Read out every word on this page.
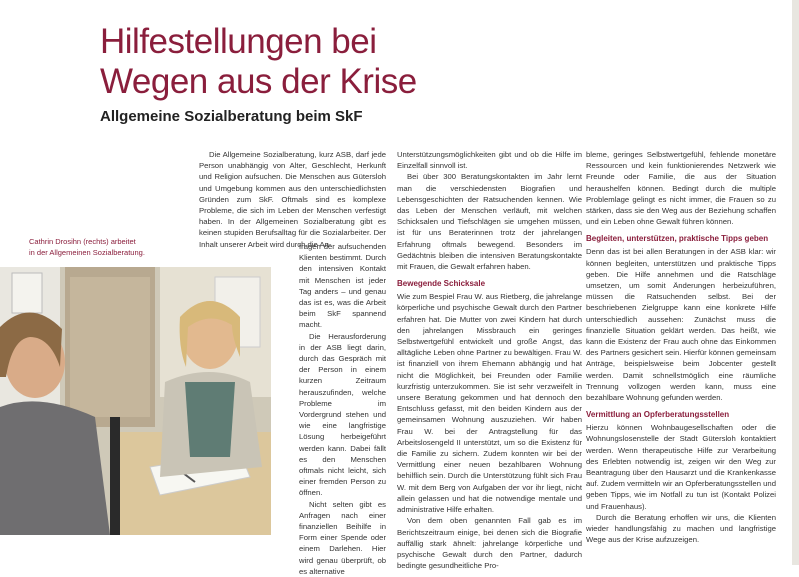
Hilfestellungen bei
Wegen aus der Krise
Allgemeine Sozialberatung beim SkF
Cathrin Drosihn (rechts) arbeitet
in der Allgemeinen Sozialberatung.

Die Allgemeine Sozialberatung, kurz ASB, darf jede Person unabhängig von Alter, Geschlecht, Herkunft und Religion aufsuchen. Die Menschen aus Gütersloh und Umgebung kommen aus den unterschiedlichsten Gründen zum SkF. Oftmals sind es komplexe Probleme, die sich im Leben der Menschen verfestigt haben. In der Allgemeinen Sozialberatung gibt es keinen stupiden Berufsalltag für die Sozialarbeiter. Der Inhalt unserer Arbeit wird durch die An-

fragen der aufsuchenden Klienten bestimmt. Durch den intensiven Kontakt mit Menschen ist jeder Tag anders – und genau das ist es, was die Arbeit beim SkF spannend macht.

Die Herausforderung in der ASB liegt darin, durch das Gespräch mit der Person in einem kurzen Zeitraum herauszufinden, welche Probleme im Vordergrund stehen und wie eine langfristige Lösung herbeigeführt werden kann. Dabei fällt es den Menschen oftmals nicht leicht, sich einer fremden Person zu öffnen.

Nicht selten gibt es Anfragen nach einer finanziellen Beihilfe in Form einer Spende oder einem Darlehen. Hier wird genau überprüft, ob es alternative

Unterstützungsmöglichkeiten gibt und ob die Hilfe im Einzelfall sinnvoll ist.

Bei über 300 Beratungskontakten im Jahr lernt man die verschiedensten Biografien und Lebensgeschichten der Ratsuchenden kennen. Wie das Leben der Menschen verläuft, mit welchen Schicksalen und Tiefschlägen sie umgehen müssen, ist für uns Beraterinnen trotz der jahrelangen Erfahrung oftmals bewegend. Besonders im Gedächtnis bleiben die intensiven Beratungskontakte mit Frauen, die Gewalt erfahren haben.

Bewegende Schicksale

Wie zum Bespiel Frau W. aus Rietberg, die jahrelange körperliche und psychische Gewalt durch den Partner erfahren hat. Die Mutter von zwei Kindern hat durch den jahrelangen Missbrauch ein geringes Selbstwertgefühl entwickelt und große Angst, das alltägliche Leben ohne Partner zu bewältigen. Frau W. ist finanziell von ihrem Ehemann abhängig und hat nicht die Möglichkeit, bei Freunden oder Familie kurzfristig unterzukommen. Sie ist sehr verzweifelt in unsere Beratung gekommen und hat dennoch den Entschluss gefasst, mit den beiden Kindern aus der gemeinsamen Wohnung auszuziehen. Wir haben Frau W. bei der Antragstellung für das Arbeitslosengeld II unterstützt, um so die Existenz für die Familie zu sichern. Zudem konnten wir bei der Vermittlung einer neuen bezahlbaren Wohnung behilflich sein. Durch die Unterstützung fühlt sich Frau W. mit dem Berg von Aufgaben der vor ihr liegt, nicht allein gelassen und hat die notwendige mentale und administrative Hilfe erhalten.

Von dem oben genannten Fall gab es im Berichtszeitraum einige, bei denen sich die Biografie auffällig stark ähnelt: jahrelange körperliche und psychische Gewalt durch den Partner, dadurch bedingte gesundheitliche Pro-

bleme, geringes Selbstwertgefühl, fehlende monetäre Ressourcen und kein funktionierendes Netzwerk wie Freunde oder Familie, die aus der Situation heraushelfen können. Bedingt durch die multiple Problemlage gelingt es nicht immer, die Frauen so zu stärken, dass sie den Weg aus der Beziehung schaffen und ein Leben ohne Gewalt führen können.

Begleiten, unterstützen, praktische Tipps geben

Denn das ist bei allen Beratungen in der ASB klar: wir können begleiten, unterstützen und praktische Tipps geben. Die Hilfe annehmen und die Ratschläge umsetzen, um somit Änderungen herbeizuführen, müssen die Ratsuchenden selbst. Bei der beschriebenen Zielgruppe kann eine konkrete Hilfe unterschiedlich aussehen: Zunächst muss die finanzielle Situation geklärt werden. Das heißt, wie kann die Existenz der Frau auch ohne das Einkommen des Partners gesichert sein. Hierfür können gemeinsam Anträge, beispielsweise beim Jobcenter gestellt werden. Damit schnellstmöglich eine räumliche Trennung vollzogen werden kann, muss eine bezahlbare Wohnung gefunden werden.

Vermittlung an Opferberatungsstellen

Hierzu können Wohnbaugesellschaften oder die Wohnungslosenstelle der Stadt Gütersloh kontaktiert werden. Wenn therapeutische Hilfe zur Verarbeitung des Erlebten notwendig ist, zeigen wir den Weg zur Beantragung über den Hausarzt und die Krankenkasse auf. Zudem vermitteln wir an Opferberatungsstellen und geben Tipps, wie im Notfall zu tun ist (Kontakt Polizei und Frauenhaus).

Durch die Beratung erhoffen wir uns, die Klienten wieder handlungsfähig zu machen und langfristige Wege aus der Krise aufzuzeigen.
